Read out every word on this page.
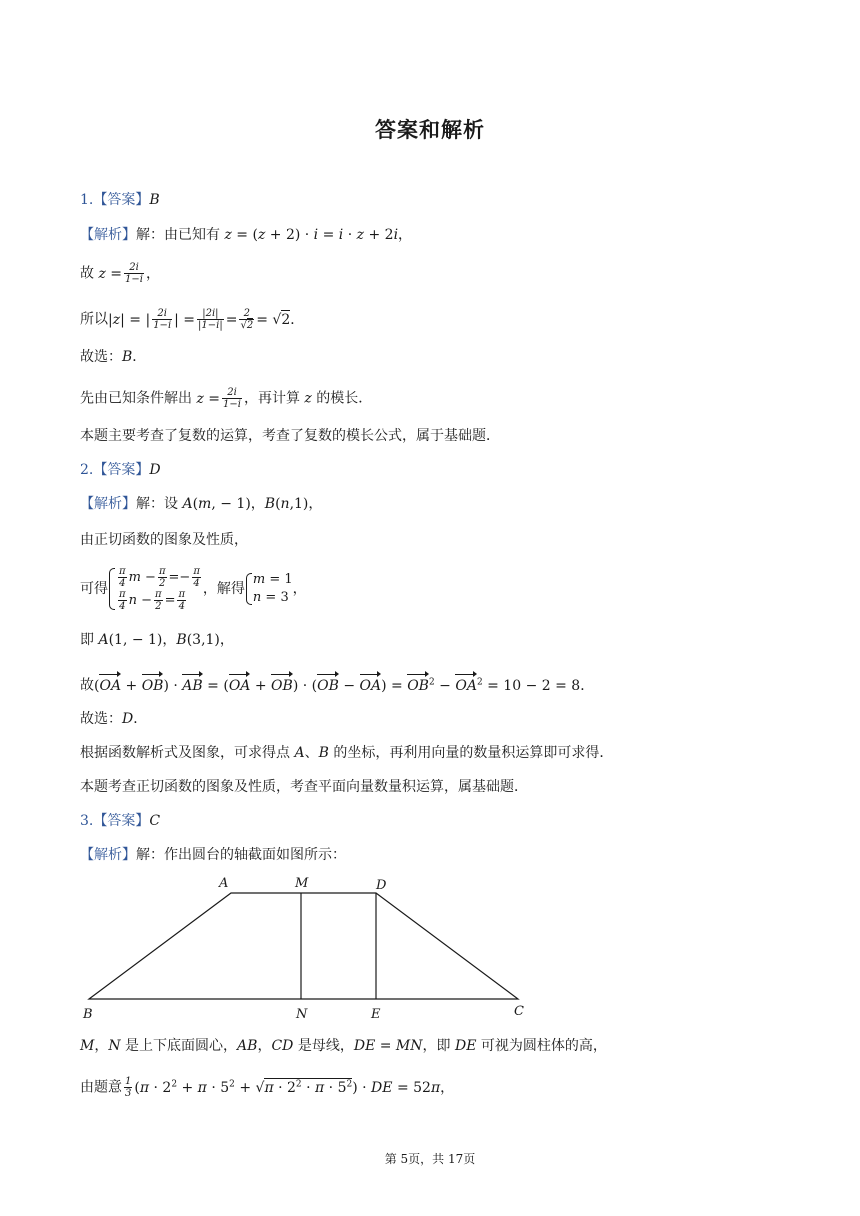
答案和解析
1.【答案】B
【解析】解：由已知有 z = (z + 2) · i = i · z + 2i，
故 $z = \frac{2i}{1-i}$ ，
所以|z| = | $\frac{2i}{1-i}$ | = $\frac{|2i|}{|1-i|} = \frac{2}{√2} = √2$．
故选：B．
先由已知条件解出 $z = \frac{2i}{1-i}$ ，再计算 z 的模长．
本题主要考查了复数的运算，考查了复数的模长公式，属于基础题．
2.【答案】D
【解析】解：设 A(m, − 1)，B(n,1)，
由正切函数的图象及性质，
可得 $\frac{\pi}{4}$ $m - \frac{\pi}{2} =- \frac{\pi}{4}$
$\frac{\pi}{4}$ $n - \frac{\pi}{2} = \frac{\pi}{4}$ ，解得
m = 1
n = 3
，
即 A(1, − 1)，B(3,1)，
故(OA + OB) · AB = $(OA + OB) \cdot (OB - OA) = OB^2 - OA^2 = 10 - 2 = 8$．
故选：D．
根据函数解析式及图象，可求得点 A、B 的坐标，再利用向量的数量积运算即可求得．
本题考查正切函数的图象及性质，考查平面向量数量积运算，属基础题．
3.【答案】C
【解析】解：作出圆台的轴截面如图所示：
A	M	D
B	N	E	C
M，N 是上下底面圆心，AB，CD 是母线，DE = MN，即 DE 可视为圆柱体的高，
由题意 $\frac{1}{3} (\pi \cdot 2^2 + \pi \cdot 5^2 + √\pi \cdot 2^2 \cdot \pi \cdot 5^2)$ · DE = 52π，
第 5页，共 17页
